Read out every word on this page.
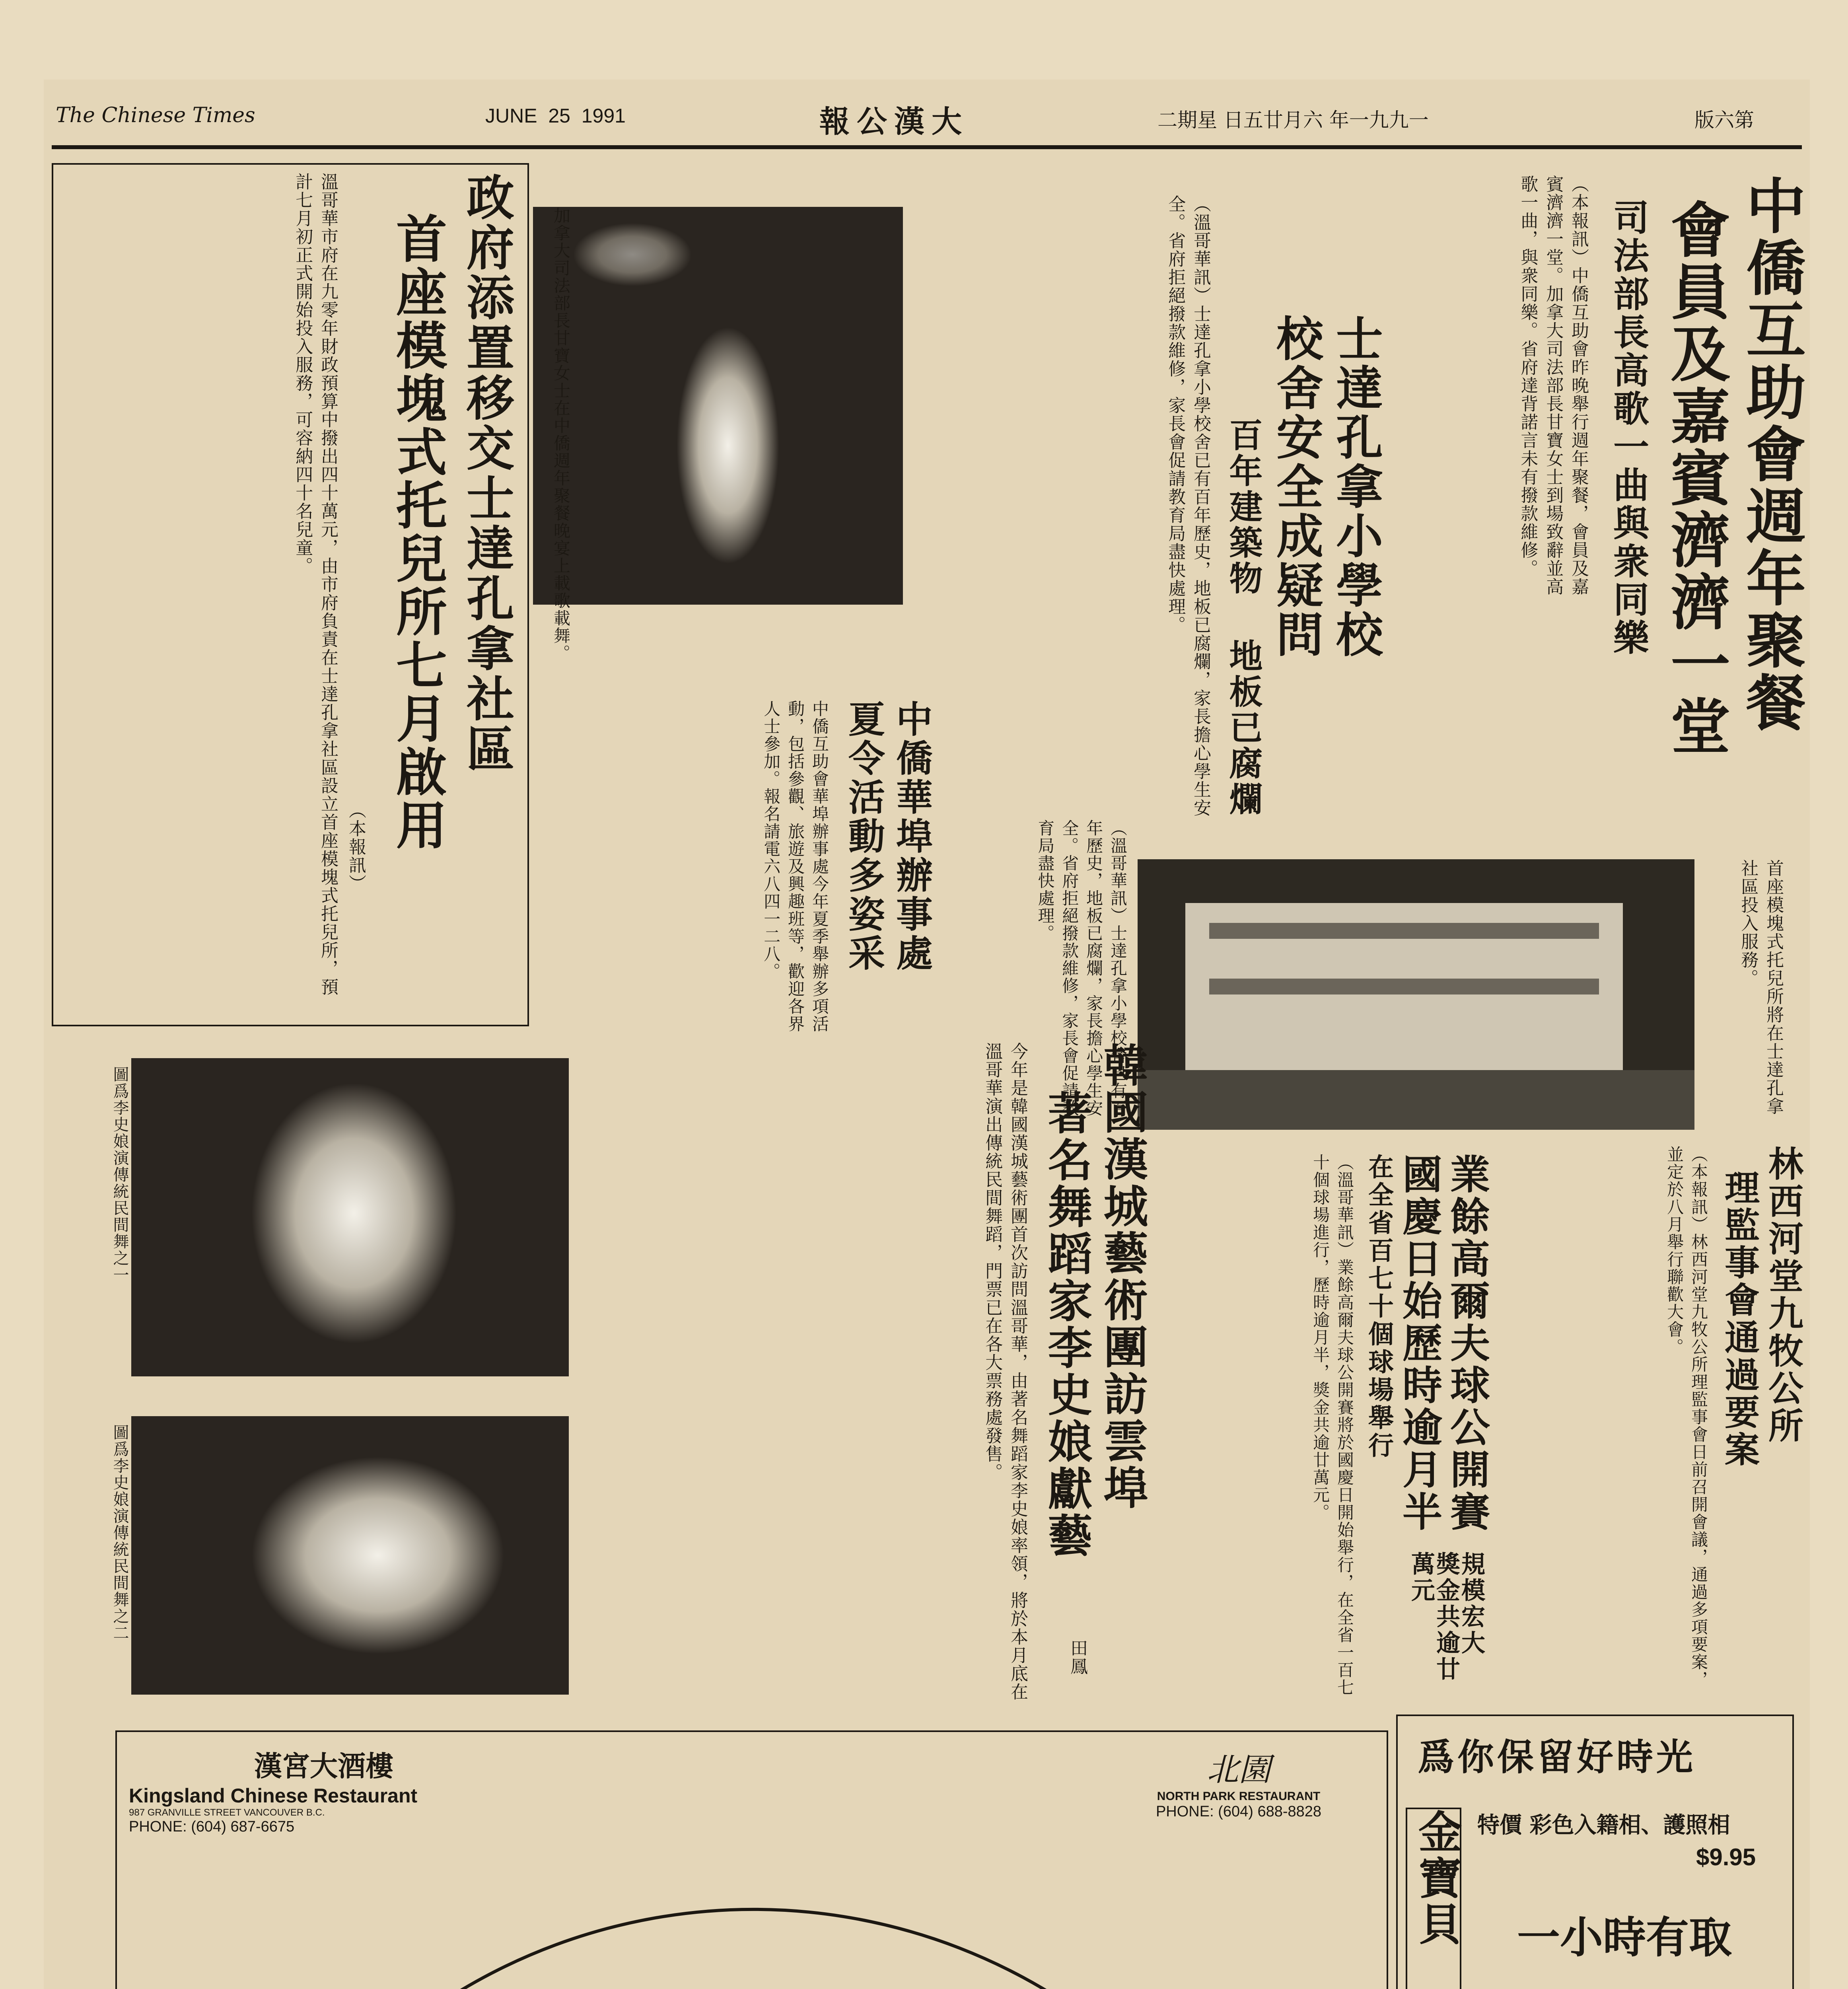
The Chinese Times	JUNE  25  1991	報公漢大	二期星 日五廿月六 年一九九一	版六第
政府添置移交士達孔拿社區
首座模塊式托兒所七月啟用
（本報訊）
溫哥華市府在九零年財政預算中撥出四十萬元，由市府負責在士達孔拿社區設立首座模塊式托兒所，預計七月初正式開始投入服務，可容納四十名兒童。	加拿大司法部長甘寶女士在中僑週年聚餐晚宴上載歌載舞。	士達孔拿小學校
校舍安全成疑問
百年建築物 地板已腐爛
（溫哥華訊）士達孔拿小學校舍已有百年歷史，地板已腐爛，家長擔心學生安全。省府拒絕撥款維修，家長會促請教育局盡快處理。	中僑互助會週年聚餐
會員及嘉賓濟濟一堂
司法部長高歌一曲與衆同樂
（本報訊）中僑互助會昨晚舉行週年聚餐，會員及嘉賓濟濟一堂。加拿大司法部長甘寶女士到場致辭並高歌一曲，與衆同樂。省府達背諾言未有撥款維修。
首座模塊式托兒所將在士達孔拿社區投入服務。
中僑華埠辦事處
夏令活動多姿采
中僑互助會華埠辦事處今年夏季舉辦多項活動，包括參觀、旅遊及興趣班等，歡迎各界人士參加。報名請電六八四一二八。	（溫哥華訊）士達孔拿小學校舍已有百年歷史，地板已腐爛，家長擔心學生安全。省府拒絕撥款維修，家長會促請教育局盡快處理。
圖爲李史娘演傳統民間舞之一
圖爲李史娘演傳統民間舞之二
韓國漢城藝術團訪雲埠
著名舞蹈家李史娘獻藝
田鳳
今年是韓國漢城藝術團首次訪問溫哥華，由著名舞蹈家李史娘率領，將於本月底在溫哥華演出傳統民間舞蹈，門票已在各大票務處發售。	業餘高爾夫球公開賽
國慶日始歷時逾月半
在全省百七十個球場舉行
規模宏大 獎金共逾廿萬元
（溫哥華訊）業餘高爾夫球公開賽將於國慶日開始舉行，在全省一百七十個球場進行，歷時逾月半，獎金共逾廿萬元。	林西河堂九牧公所
理監事會通過要案
（本報訊）林西河堂九牧公所理監事會日前召開會議，通過多項要案，並定於八月舉行聯歡大會。
漢宮大酒樓
Kingsland Chinese Restaurant
987 GRANVILLE STREET VANCOUVER B.C.
PHONE: (604) 687-6675
北園
NORTH PARK RESTAURANT
PHONE: (604) 688-8828
爲你保留好時光
金寶貝 特價 彩色入籍相、護照相
$9.95
一小時有取
